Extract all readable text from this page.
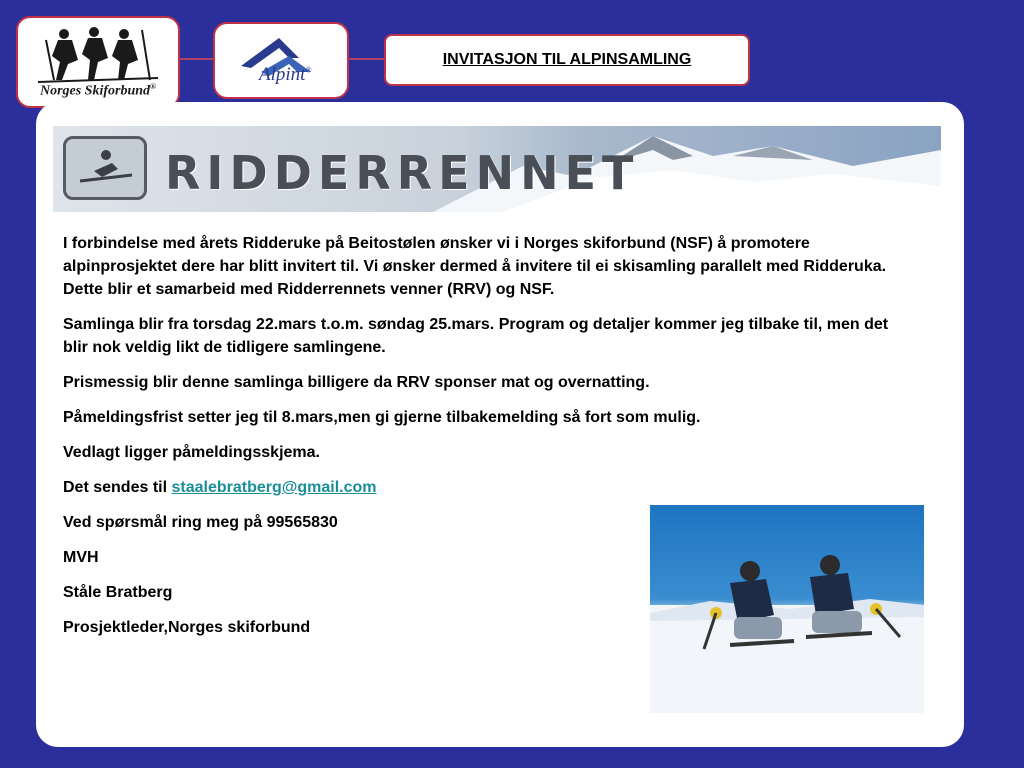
Norges Skiforbund®
Alpint®
INVITASJON TIL ALPINSAMLING
RIDDERRENNET

I forbindelse med årets Ridderuke på Beitostølen ønsker vi i Norges skiforbund (NSF) å promotere alpinprosjektet dere har blitt invitert til. Vi ønsker dermed å invitere til ei skisamling parallelt med Ridderuka. Dette blir et samarbeid med Ridderrennets venner (RRV) og NSF.

Samlinga blir fra torsdag 22.mars t.o.m. søndag 25.mars. Program og detaljer kommer jeg tilbake til, men det blir nok veldig likt de tidligere samlingene.

Prismessig blir denne samlinga billigere da RRV sponser mat og overnatting.

Påmeldingsfrist setter jeg til 8.mars,men gi gjerne tilbakemelding så fort som mulig.

Vedlagt ligger påmeldingsskjema.

Det sendes til staalebratberg@gmail.com

Ved spørsmål ring meg på 99565830

MVH

Ståle Bratberg

Prosjektleder,Norges skiforbund
